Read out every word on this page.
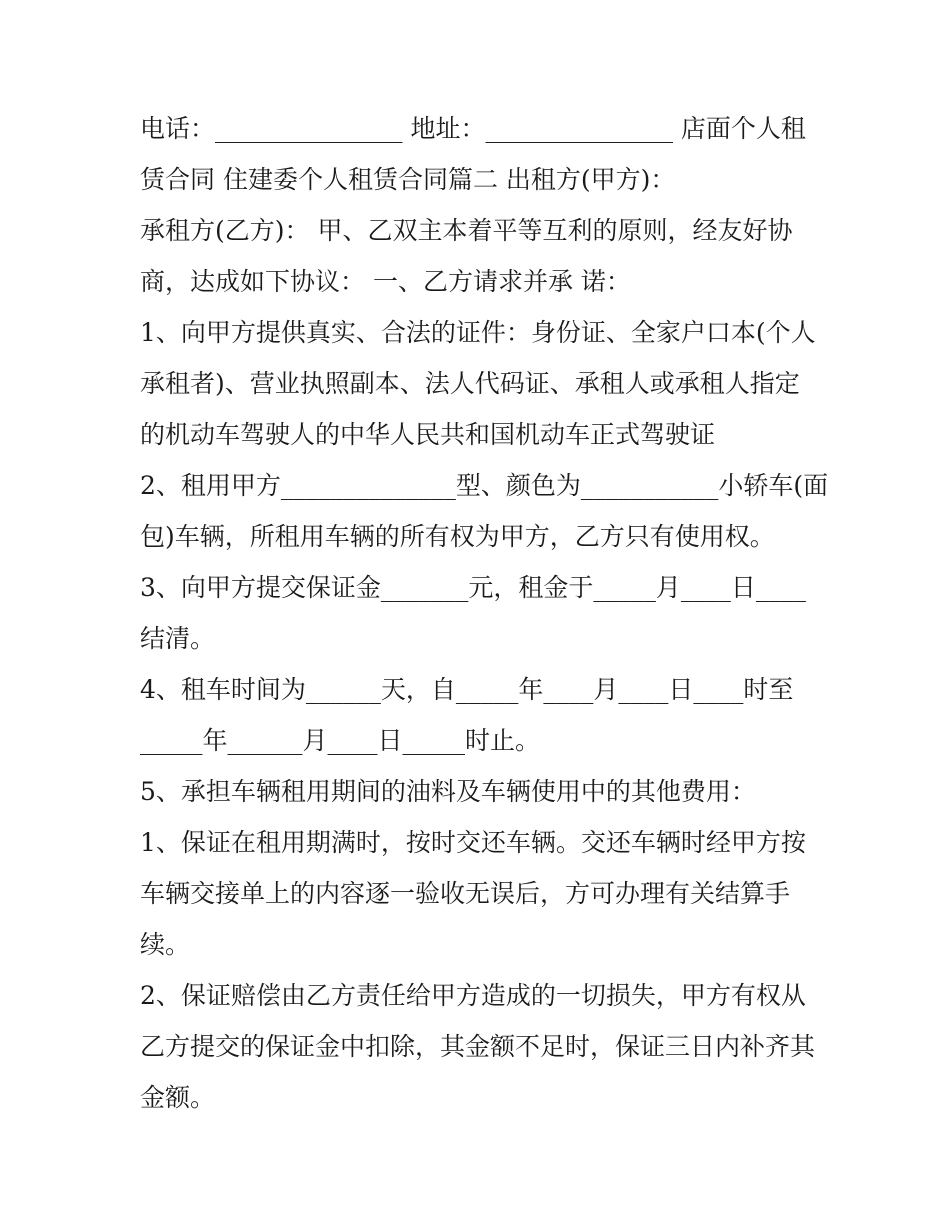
电话：_______________ 地址：_______________ 店面个人租
赁合同 住建委个人租赁合同篇二 出租方(甲方)：
承租方(乙方)： 甲、乙双主本着平等互利的原则，经友好协
商，达成如下协议： 一、乙方请求并承 诺：
1、向甲方提供真实、合法的证件：身份证、全家户口本(个人
承租者)、营业执照副本、法人代码证、承租人或承租人指定
的机动车驾驶人的中华人民共和国机动车正式驾驶证
2、租用甲方______________型、颜色为___________小轿车(面
包)车辆，所租用车辆的所有权为甲方，乙方只有使用权。
3、向甲方提交保证金_______元，租金于_____月____日____
结清。
4、租车时间为______天，自_____年____月____日____时至
_____年______月____日_____时止。
5、承担车辆租用期间的油料及车辆使用中的其他费用：
1、保证在租用期满时，按时交还车辆。交还车辆时经甲方按
车辆交接单上的内容逐一验收无误后，方可办理有关结算手
续。
2、保证赔偿由乙方责任给甲方造成的一切损失，甲方有权从
乙方提交的保证金中扣除，其金额不足时，保证三日内补齐其
金额。
